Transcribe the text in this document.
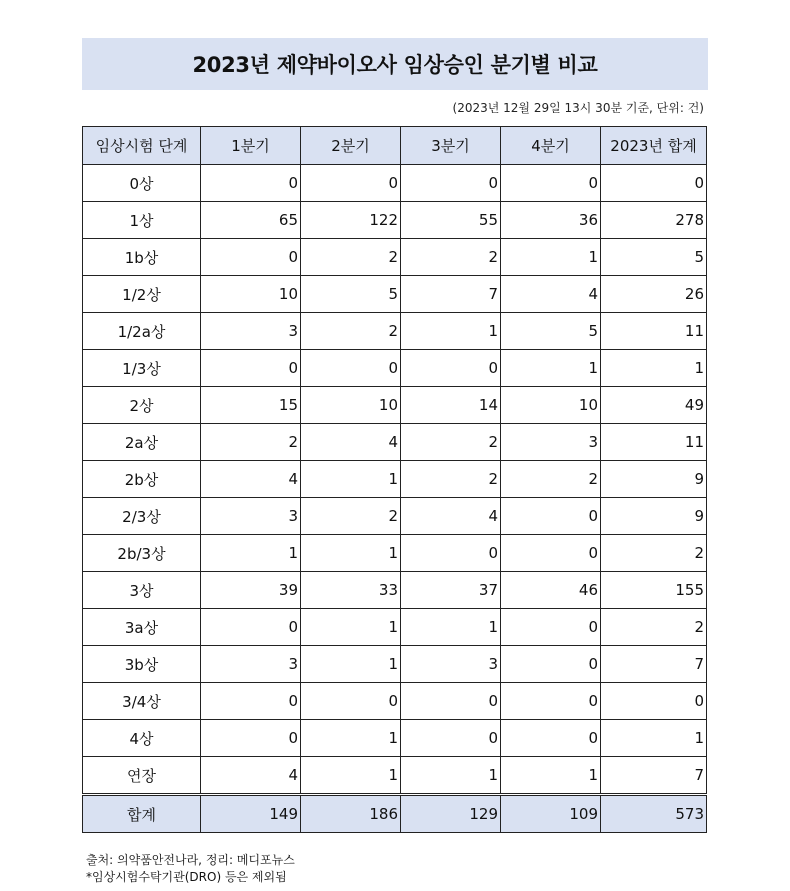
2023년 제약바이오사 임상승인 분기별 비교
(2023년 12월 29일 13시 30분 기준, 단위: 건)
임상시험 단계	1분기	2분기	3분기	4분기	2023년 합계
0상	0	0	0	0	0
1상	65	122	55	36	278
1b상	0	2	2	1	5
1/2상	10	5	7	4	26
1/2a상	3	2	1	5	11
1/3상	0	0	0	1	1
2상	15	10	14	10	49
2a상	2	4	2	3	11
2b상	4	1	2	2	9
2/3상	3	2	4	0	9
2b/3상	1	1	0	0	2
3상	39	33	37	46	155
3a상	0	1	1	0	2
3b상	3	1	3	0	7
3/4상	0	0	0	0	0
4상	0	1	0	0	1
연장	4	1	1	1	7
합계	149	186	129	109	573
출처: 의약품안전나라, 정리: 메디포뉴스
*임상시험수탁기관(DRO) 등은 제외됨
